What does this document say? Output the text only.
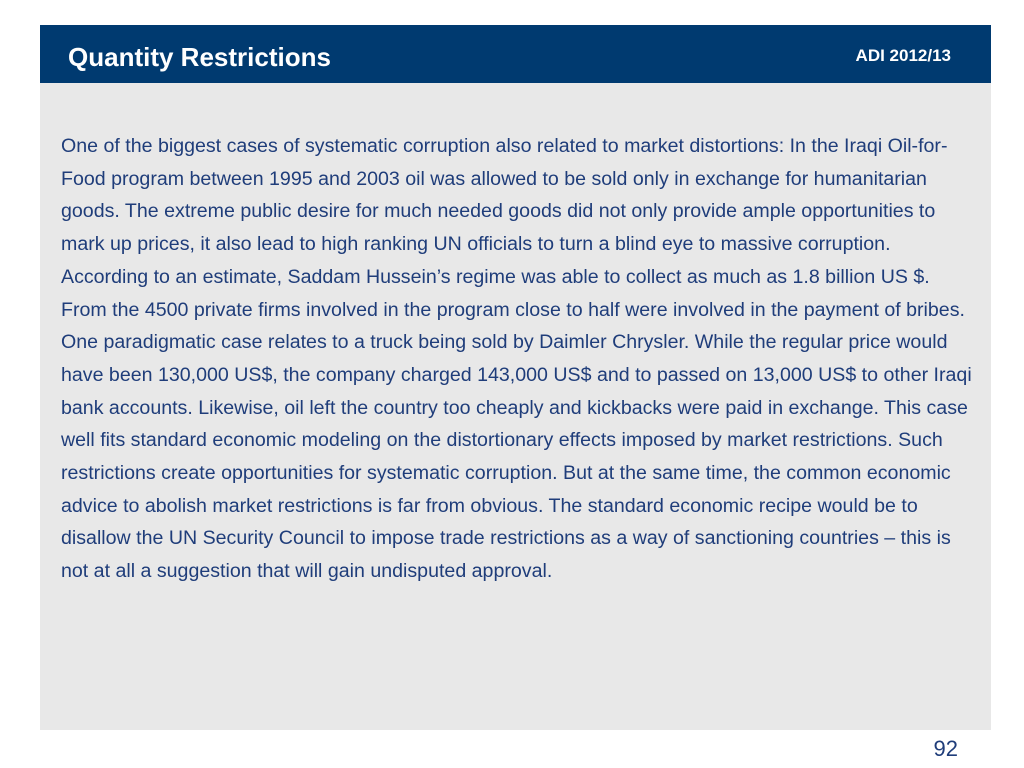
Quantity Restrictions	ADI 2012/13

One of the biggest cases of systematic corruption also related to market distortions: In the Iraqi Oil-for-Food program between 1995 and 2003 oil was allowed to be sold only in exchange for humanitarian goods. The extreme public desire for much needed goods did not only provide ample opportunities to mark up prices, it also lead to high ranking UN officials to turn a blind eye to massive corruption. According to an estimate, Saddam Hussein’s regime was able to collect as much as 1.8 billion US $. From the 4500 private firms involved in the program close to half were involved in the payment of bribes. One paradigmatic case relates to a truck being sold by Daimler Chrysler. While the regular price would have been 130,000 US$, the company charged 143,000 US$ and to passed on 13,000 US$ to other Iraqi bank accounts. Likewise, oil left the country too cheaply and kickbacks were paid in exchange. This case well fits standard economic modeling on the distortionary effects imposed by market restrictions. Such restrictions create opportunities for systematic corruption. But at the same time, the common economic advice to abolish market restrictions is far from obvious. The standard economic recipe would be to disallow the UN Security Council to impose trade restrictions as a way of sanctioning countries – this is not at all a suggestion that will gain undisputed approval.

92
